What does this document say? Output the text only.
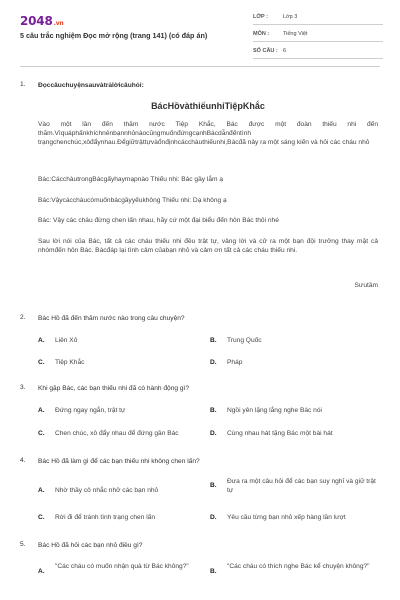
2048.vn
5 câu trắc nghiệm Đọc mở rộng (trang 141) (có đáp án)
LỚP :	Lớp 3
MÔN :	Tiếng Việt
SỐ CÂU : 6
1. Đọccâuchuyệnsauvàtrảlờicâuhỏi:
BácHồvàthiếunhiTiệpKhắc
Vào một lần đến thăm nước Tiệp Khắc, Bác được một đoàn thiếu nhi đến thăm.VìquáphấnkhíchnênbạnnhỏnàocũngmuốnđứngcạnhBácdẫnđếntình trạngchenchúc,xôđẩynhau.Đểgiữtrậttựvàổnđịnhcácchàuthiếunhi,Bácđã nảy ra một sáng kiến và hỏi các cháu nhỏ
Bác:CácchàutrongBácgấyhaymạpnào Thiếu nhi: Bác gầy lắm ạ
Bác:Vậycácchàucómuốnbácgầyyếukhông Thiếu nhi: Dạ không ạ
Bác: Vậy các cháu đừng chen lấn nhau, hãy cứ một đại biểu đến hôn Bác thôi nhé
Sau lời nói của Bác, tất cả các cháu thiếu nhi đều trật tự, vâng lời và cử ra một bạn đội trưởng thay mặt cả nhómđến hôn Bác. Bácđáp lại tình cảm củabạn nhỏ và cảm ơn tất cả các cháu thiếu nhi.
Sưutầm
2. Bác Hồ đã đến thăm nước nào trong câu chuyện?
A. Liên Xô	B. Trung Quốc
C. Tiệp Khắc	D. Pháp
3. Khi gặp Bác, các bạn thiếu nhi đã có hành động gì?
A. Đứng ngay ngắn, trật tự	B. Ngồi yên lặng lắng nghe Bác nói
C. Chen chúc, xô đẩy nhau để đứng gần Bác	D. Cùng nhau hát tặng Bác một bài hát
4. Bác Hồ đã làm gì để các bạn thiếu nhi không chen lấn?
A. Nhờ thầy cô nhắc nhở các bạn nhỏ
B.
Đưa ra một câu hỏi để các bạn suy nghĩ và giữ trật tự
C. Rời đi để tránh tình trạng chen lấn	D. Yêu cầu từng bạn nhỏ xếp hàng lần lượt
5. Bác Hồ đã hỏi các bạn nhỏ điều gì?
A.
"Các cháu có muốn nhận quà từ Bác không?"
B.
"Các cháu có thích nghe Bác kể chuyện không?"
